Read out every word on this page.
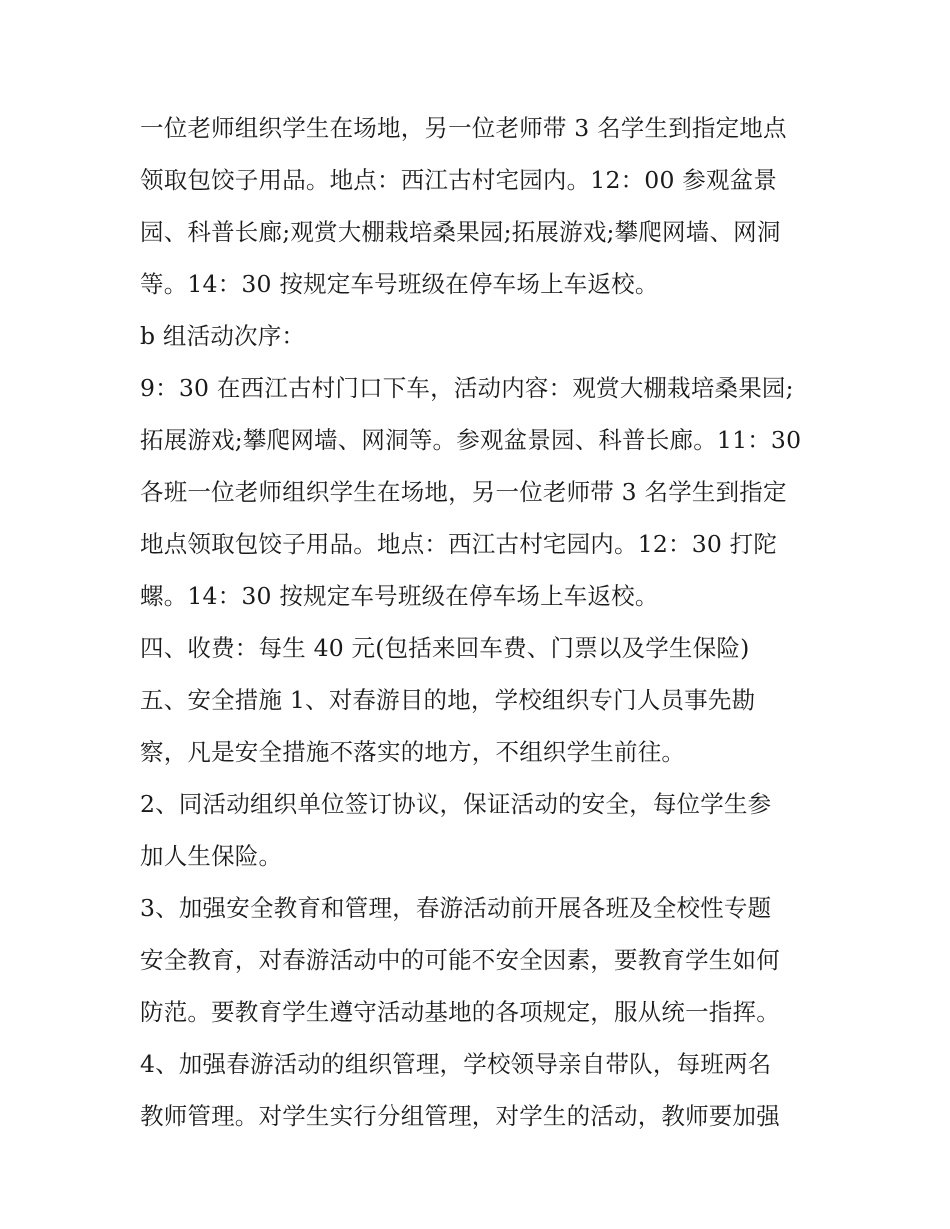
一位老师组织学生在场地，另一位老师带 3 名学生到指定地点
领取包饺子用品。地点：西江古村宅园内。12：00 参观盆景
园、科普长廊;观赏大棚栽培桑果园;拓展游戏;攀爬网墙、网洞
等。14：30 按规定车号班级在停车场上车返校。
b 组活动次序：
9：30 在西江古村门口下车，活动内容：观赏大棚栽培桑果园;
拓展游戏;攀爬网墙、网洞等。参观盆景园、科普长廊。11：30
各班一位老师组织学生在场地，另一位老师带 3 名学生到指定
地点领取包饺子用品。地点：西江古村宅园内。12：30 打陀
螺。14：30 按规定车号班级在停车场上车返校。
四、收费：每生 40 元(包括来回车费、门票以及学生保险)
五、安全措施 1、对春游目的地，学校组织专门人员事先勘
察，凡是安全措施不落实的地方，不组织学生前往。
2、同活动组织单位签订协议，保证活动的安全，每位学生参
加人生保险。
3、加强安全教育和管理，春游活动前开展各班及全校性专题
安全教育，对春游活动中的可能不安全因素，要教育学生如何
防范。要教育学生遵守活动基地的各项规定，服从统一指挥。
4、加强春游活动的组织管理，学校领导亲自带队，每班两名
教师管理。对学生实行分组管理，对学生的活动，教师要加强
